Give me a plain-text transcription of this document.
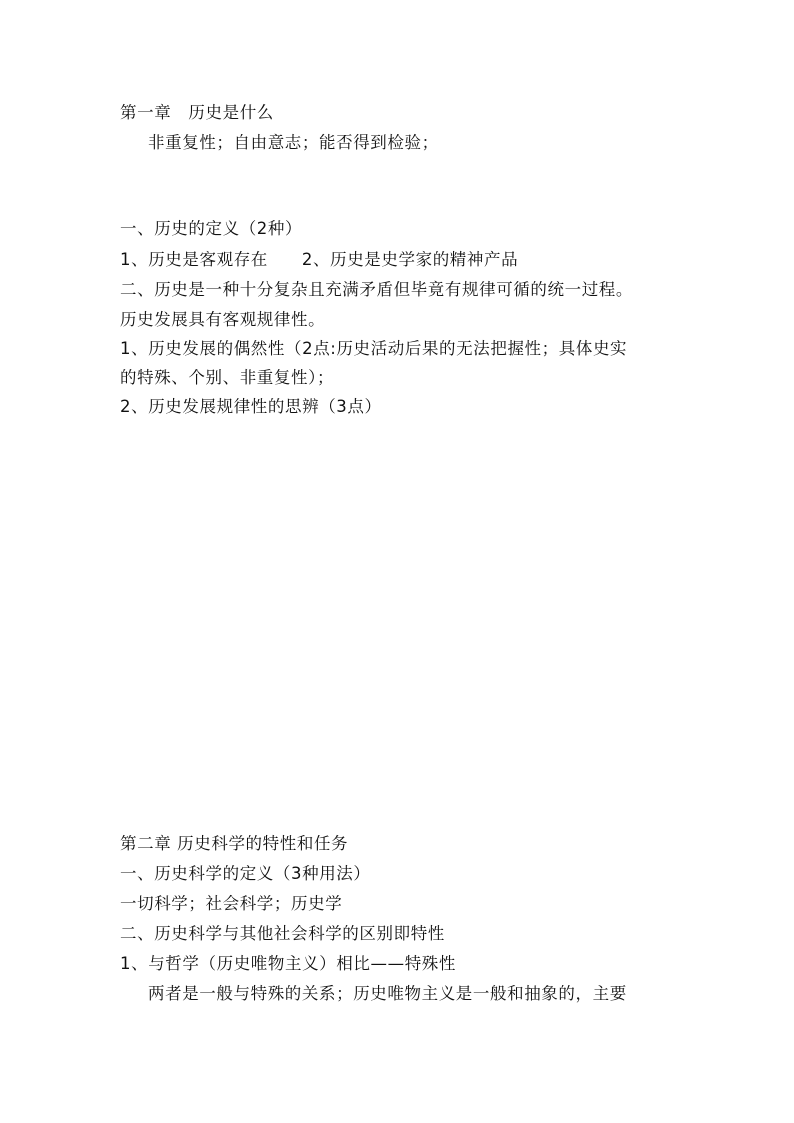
第一章　历史是什么
非重复性；自由意志；能否得到检验；
一、历史的定义（2种）
1、历史是客观存在 2、历史是史学家的精神产品
二、历史是一种十分复杂且充满矛盾但毕竟有规律可循的统一过程。
历史发展具有客观规律性。
1、历史发展的偶然性（2点:历史活动后果的无法把握性；具体史实
的特殊、个别、非重复性）；
2、历史发展规律性的思辨（3点）
第二章 历史科学的特性和任务
一、历史科学的定义（3种用法）
一切科学；社会科学；历史学
二、历史科学与其他社会科学的区别即特性
1、与哲学（历史唯物主义）相比——特殊性
两者是一般与特殊的关系；历史唯物主义是一般和抽象的，主要
